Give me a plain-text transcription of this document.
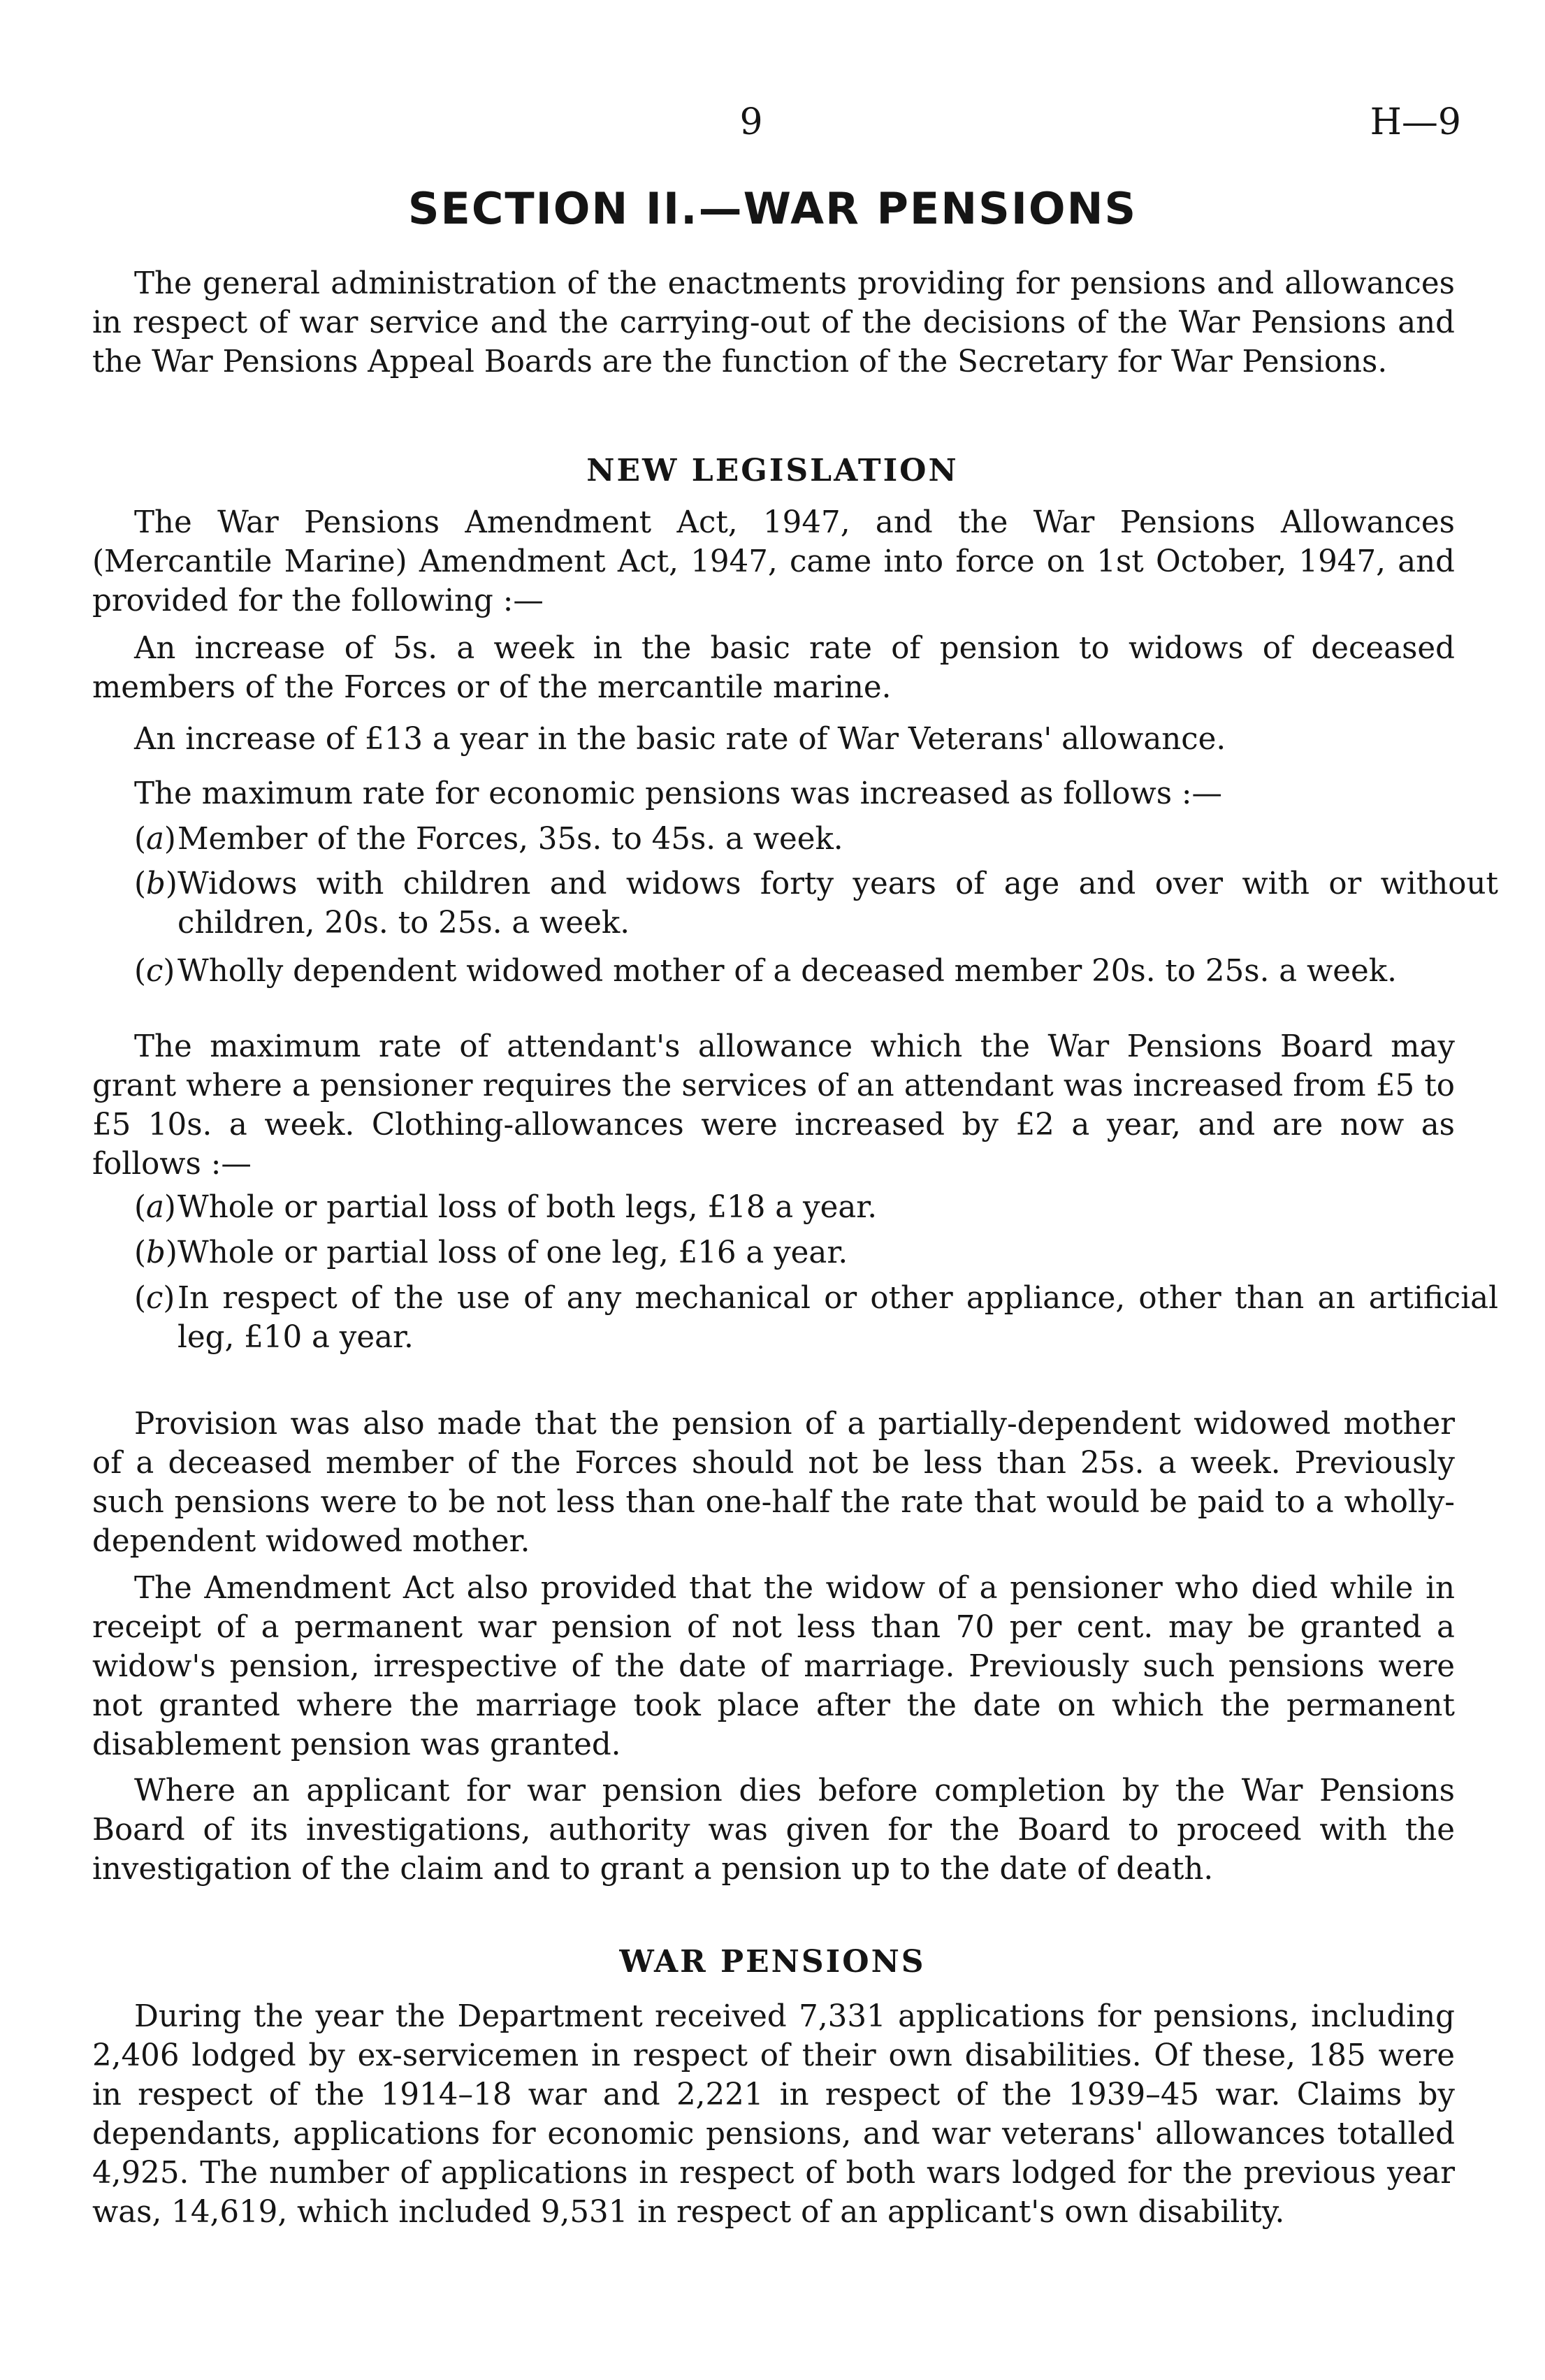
9	H—9
SECTION II.—WAR PENSIONS

The general administration of the enactments providing for pensions and allowances in respect of war service and the carrying-out of the decisions of the War Pensions and the War Pensions Appeal Boards are the function of the Secretary for War Pensions.

NEW LEGISLATION

The War Pensions Amendment Act, 1947, and the War Pensions Allowances (Mercantile Marine) Amendment Act, 1947, came into force on 1st October, 1947, and provided for the following :—

An increase of 5s. a week in the basic rate of pension to widows of deceased members of the Forces or of the mercantile marine.

An increase of £13 a year in the basic rate of War Veterans' allowance.

The maximum rate for economic pensions was increased as follows :—

(a)Member of the Forces, 35s. to 45s. a week.

(b)Widows with children and widows forty years of age and over with or without children, 20s. to 25s. a week.

(c)Wholly dependent widowed mother of a deceased member 20s. to 25s. a week.

The maximum rate of attendant's allowance which the War Pensions Board may grant where a pensioner requires the services of an attendant was increased from £5 to £5 10s. a week. Clothing-allowances were increased by £2 a year, and are now as follows :—

(a)Whole or partial loss of both legs, £18 a year.

(b)Whole or partial loss of one leg, £16 a year.

(c)In respect of the use of any mechanical or other appliance, other than an artificial leg, £10 a year.

Provision was also made that the pension of a partially-dependent widowed mother of a deceased member of the Forces should not be less than 25s. a week. Previously such pensions were to be not less than one-half the rate that would be paid to a wholly-dependent widowed mother.

The Amendment Act also provided that the widow of a pensioner who died while in receipt of a permanent war pension of not less than 70 per cent. may be granted a widow's pension, irrespective of the date of marriage. Previously such pensions were not granted where the marriage took place after the date on which the permanent disablement pension was granted.

Where an applicant for war pension dies before completion by the War Pensions Board of its investigations, authority was given for the Board to proceed with the investigation of the claim and to grant a pension up to the date of death.

WAR PENSIONS

During the year the Department received 7,331 applications for pensions, including 2,406 lodged by ex-servicemen in respect of their own disabilities. Of these, 185 were in respect of the 1914–18 war and 2,221 in respect of the 1939–45 war. Claims by dependants, applications for economic pensions, and war veterans' allowances totalled 4,925. The number of applications in respect of both wars lodged for the previous year was, 14,619, which included 9,531 in respect of an applicant's own disability.
